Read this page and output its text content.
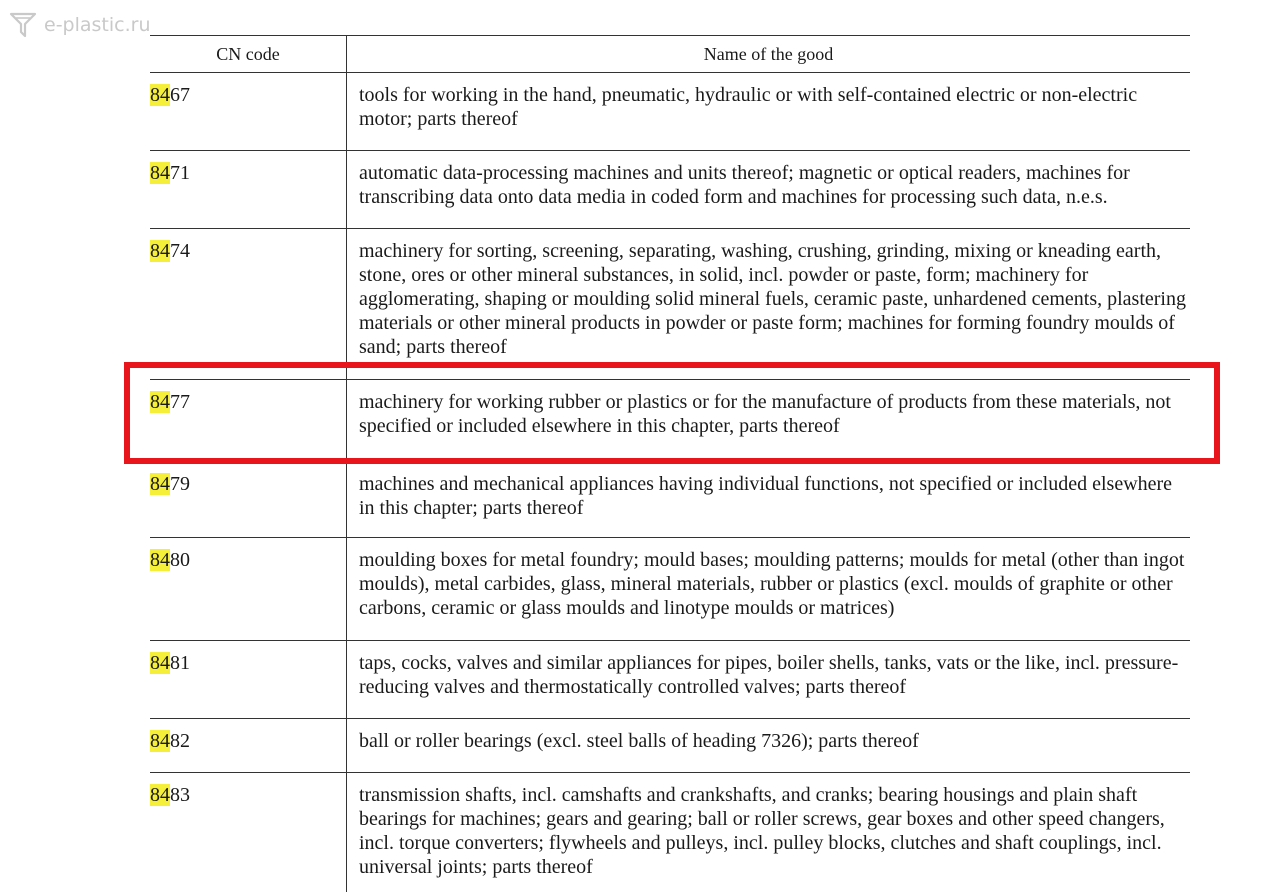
e-plastic.ru
CN code	Name of the good
8467	tools for working in the hand, pneumatic, hydraulic or with self-contained electric or non-electric motor; parts thereof
8471	automatic data-processing machines and units thereof; magnetic or optical readers, machines for transcribing data onto data media in coded form and machines for processing such data, n.e.s.
8474	machinery for sorting, screening, separating, washing, crushing, grinding, mixing or kneading earth, stone, ores or other mineral substances, in solid, incl. powder or paste, form; machinery for agglomerating, shaping or moulding solid mineral fuels, ceramic paste, unhardened cements, plastering materials or other mineral products in powder or paste form; machines for forming foundry moulds of sand; parts thereof
8477	machinery for working rubber or plastics or for the manufacture of products from these materials, not specified or included elsewhere in this chapter, parts thereof
8479	machines and mechanical appliances having individual functions, not specified or included elsewhere in this chapter; parts thereof
8480	moulding boxes for metal foundry; mould bases; moulding patterns; moulds for metal (other than ingot moulds), metal carbides, glass, mineral materials, rubber or plastics (excl. moulds of graphite or other carbons, ceramic or glass moulds and linotype moulds or matrices)
8481	taps, cocks, valves and similar appliances for pipes, boiler shells, tanks, vats or the like, incl. pressure-reducing valves and thermostatically controlled valves; parts thereof
8482	ball or roller bearings (excl. steel balls of heading 7326); parts thereof
8483	transmission shafts, incl. camshafts and crankshafts, and cranks; bearing housings and plain shaft bearings for machines; gears and gearing; ball or roller screws, gear boxes and other speed changers, incl. torque converters; flywheels and pulleys, incl. pulley blocks, clutches and shaft couplings, incl. universal joints; parts thereof
